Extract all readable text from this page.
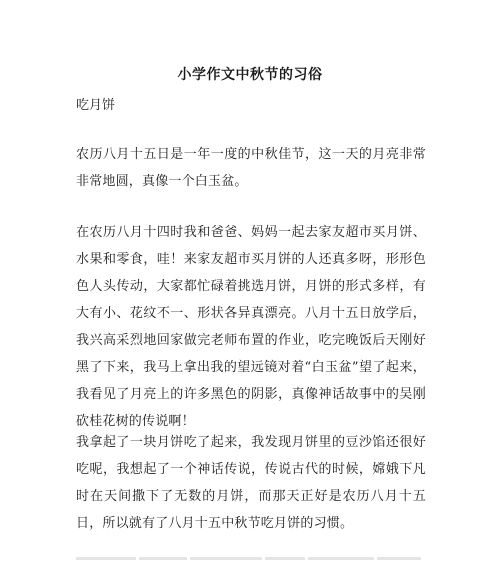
小学作文中秋节的习俗
吃月饼
农历八月十五日是一年一度的中秋佳节，这一天的月亮非常非常地圆，真像一个白玉盆。
在农历八月十四时我和爸爸、妈妈一起去家友超市买月饼、水果和零食，哇！来家友超市买月饼的人还真多呀，形形色色人头传动，大家都忙碌着挑选月饼，月饼的形式多样，有大有小、花纹不一、形状各异真漂亮。八月十五日放学后，我兴高采烈地回家做完老师布置的作业，吃完晚饭后天刚好黑了下来，我马上拿出我的望远镜对着“白玉盆”望了起来，我看见了月亮上的许多黑色的阴影，真像神话故事中的吴刚砍桂花树的传说啊！
我拿起了一块月饼吃了起来，我发现月饼里的豆沙馅还很好吃呢，我想起了一个神话传说，传说古代的时候，嫦娥下凡时在天间撒下了无数的月饼，而那天正好是农历八月十五日，所以就有了八月十五中秋节吃月饼的习惯。
